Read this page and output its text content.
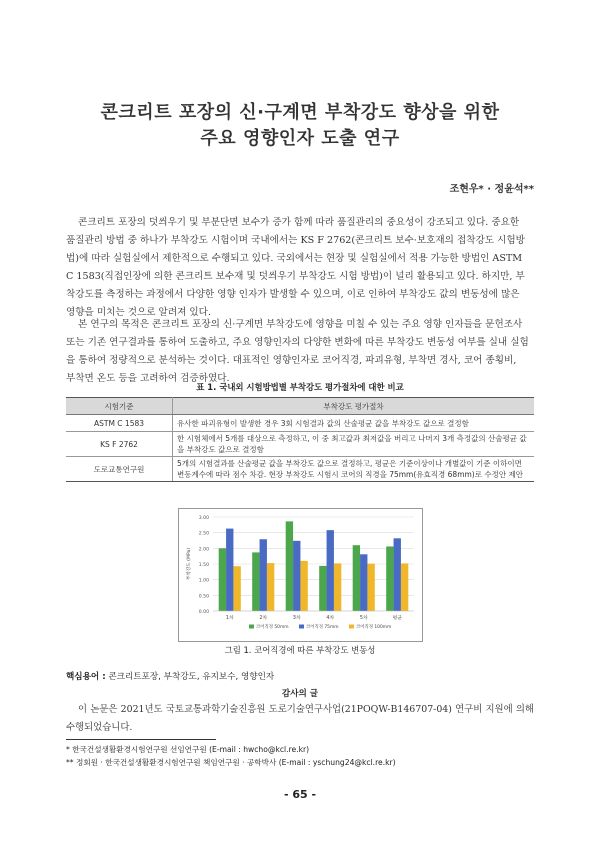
콘크리트 포장의 신·구계면 부착강도 향상을 위한
주요 영향인자 도출 연구
조현우* · 정윤석**

콘크리트 포장의 덧씌우기 및 부분단면 보수가 증가 함께 따라 품질관리의 중요성이 강조되고 있다. 중요한
품질관리 방법 중 하나가 부착강도 시험이며 국내에서는 KS F 2762(콘크리트 보수·보호재의 접착강도 시험방
법)에 따라 실험실에서 제한적으로 수행되고 있다. 국외에서는 현장 및 실험실에서 적용 가능한 방법인 ASTM
C 1583(직접인장에 의한 콘크리트 보수재 및 덧씌우기 부착강도 시험 방법)이 널리 활용되고 있다. 하지만, 부
착강도를 측정하는 과정에서 다양한 영향 인자가 발생할 수 있으며, 이로 인하여 부착강도 값의 변동성에 많은
영향을 미치는 것으로 알려져 있다.

본 연구의 목적은 콘크리트 포장의 신·구계면 부착강도에 영향을 미칠 수 있는 주요 영향 인자들을 문헌조사
또는 기존 연구결과를 통하여 도출하고, 주요 영향인자의 다양한 변화에 따른 부착강도 변동성 여부를 실내 실험
을 통하여 정량적으로 분석하는 것이다. 대표적인 영향인자로 코어직경, 파괴유형, 부착면 경사, 코어 종횡비,
부착면 온도 등을 고려하여 검증하였다.

표 1. 국내외 시험방법별 부착강도 평가절차에 대한 비교
시험기준	부착강도 평가절차
ASTM C 1583	유사한 파괴유형이 발생한 경우 3회 시험결과 값의 산술평균 값을 부착강도 값으로 결정함
KS F 2762	한 시험체에서 5개를 대상으로 측정하고, 이 중 최고값과 최저값을 버리고 나머지 3개 측정값의 산술평균 값을 부착강도 값으로 결정함
도로교통연구원	5개의 시험결과를 산술평균 값을 부착강도 값으로 결정하고, 평균은 기준이상이나 개별값이 기준 이하이면 변동계수에 따라 점수 차감. 현장 부착강도 시험시 코어의 직경을 75mm(유효직경 68mm)로 수정안 제안
0.00
0.50
1.00
1.50
2.00
2.50
3.00
부착강도 (MPa)
1차	2차	3차	4차	5차	평균
코어직경 50mm	코어직경 75mm	코어직경 100mm
그림 1. 코어직경에 따른 부착강도 변동성
핵심용어 : 콘크리트포장, 부착강도, 유지보수, 영향인자
감사의 글

이 논문은 2021년도 국토교통과학기술진흥원 도로기술연구사업(21POQW-B146707-04) 연구비 지원에 의해 수행되었습니다.

* 한국건설생활환경시험연구원 선임연구원 (E-mail : hwcho@kcl.re.kr)
** 정회원 · 한국건설생활환경시험연구원 책임연구원 · 공학박사 (E-mail : yschung24@kcl.re.kr)
- 65 -
